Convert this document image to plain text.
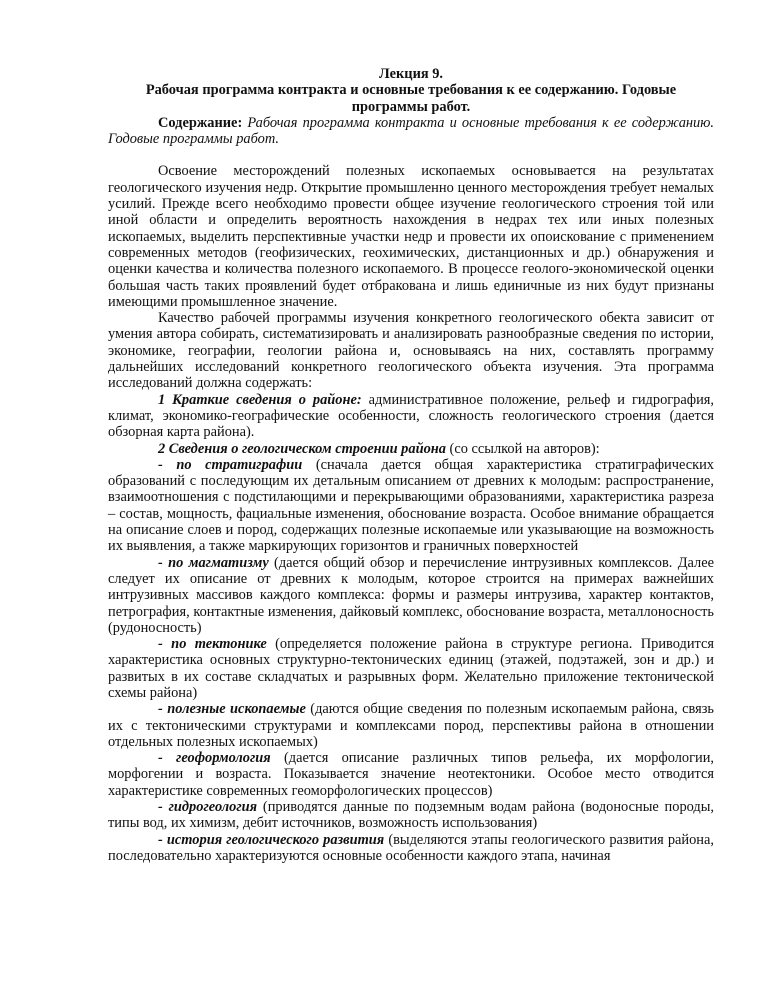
Лекция 9.
Рабочая программа контракта и основные требования к ее содержанию. Годовые программы работ.
Содержание: Рабочая программа контракта и основные требования к ее содержанию. Годовые программы работ.
Освоение месторождений полезных ископаемых основывается на результатах геологического изучения недр. Открытие промышленно ценного месторождения требует немалых усилий. Прежде всего необходимо провести общее изучение геологического строения той или иной области и определить вероятность нахождения в недрах тех или иных полезных ископаемых, выделить перспективные участки недр и провести их опоискование с применением современных методов (геофизических, геохимических, дистанционных и др.) обнаружения и оценки качества и количества полезного ископаемого. В процессе геолого-экономической оценки большая часть таких проявлений будет отбракована и лишь единичные из них будут признаны имеющими промышленное значение.
Качество рабочей программы изучения конкретного геологического обекта зависит от умения автора собирать, систематизировать и анализировать разнообразные сведения по истории, экономике, географии, геологии района и, основываясь на них, составлять программу дальнейших исследований конкретного геологического объекта изучения. Эта программа исследований должна содержать:
1 Краткие сведения о районе: административное положение, рельеф и гидрография, климат, экономико-географические особенности, сложность геологического строения (дается обзорная карта района).
2 Сведения о геологическом строении района (со ссылкой на авторов):
- по стратиграфии (сначала дается общая характеристика стратиграфических образований с последующим их детальным описанием от древних к молодым: распространение, взаимоотношения с подстилающими и перекрывающими образованиями, характеристика разреза – состав, мощность, фациальные изменения, обоснование возраста. Особое внимание обращается на описание слоев и пород, содержащих полезные ископаемые или указывающие на возможность их выявления, а также маркирующих горизонтов и граничных поверхностей
- по магматизму (дается общий обзор и перечисление интрузивных комплексов. Далее следует их описание от древних к молодым, которое строится на примерах важнейших интрузивных массивов каждого комплекса: формы и размеры интрузива, характер контактов, петрография, контактные изменения, дайковый комплекс, обоснование возраста, металлоносность (рудоносность)
- по тектонике (определяется положение района в структуре региона. Приводится характеристика основных структурно-тектонических единиц (этажей, подэтажей, зон и др.) и развитых в их составе складчатых и разрывных форм. Желательно приложение тектонической схемы района)
- полезные ископаемые (даются общие сведения по полезным ископаемым района, связь их с тектоническими структурами и комплексами пород, перспективы района в отношении отдельных полезных ископаемых)
- геоформология (дается описание различных типов рельефа, их морфологии, морфогении и возраста. Показывается значение неотектоники. Особое место отводится характеристике современных геоморфологических процессов)
- гидрогеология (приводятся данные по подземным водам района (водоносные породы, типы вод, их химизм, дебит источников, возможность использования)
- история геологического развития (выделяются этапы геологического развития района, последовательно характеризуются основные особенности каждого этапа, начиная
